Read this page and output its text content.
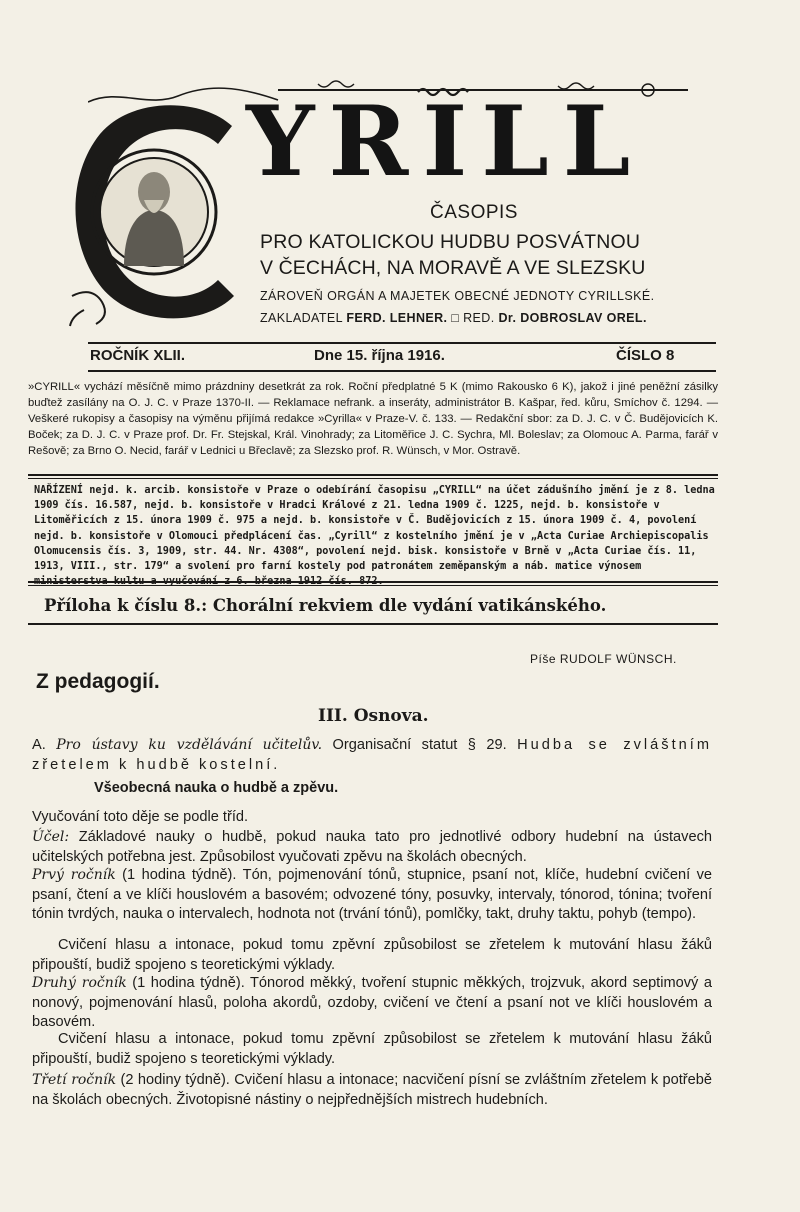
YRILL
ČASOPIS
PRO KATOLICKOU HUDBU POSVÁTNOU
V ČECHÁCH, NA MORAVĚ A VE SLEZSKU
ZÁROVEŇ ORGÁN A MAJETEK OBECNÉ JEDNOTY CYRILLSKÉ.
ZAKLADATEL FERD. LEHNER. □ RED. Dr. DOBROSLAV OREL.
ROČNÍK XLII.	Dne 15. října 1916.	ČÍSLO 8
»CYRILL« vychází měsíčně mimo prázdniny desetkrát za rok. Roční předplatné 5 K (mimo Rakousko 6 K), jakož i jiné peněžní zásilky buďtež zasílány na O. J. C. v Praze 1370-II. — Reklamace nefrank. a inseráty, administrátor B. Kašpar, řed. kůru, Smíchov č. 1294. — Veškeré rukopisy a časopisy na výměnu přijímá redakce »Cyrilla« v Praze-V. č. 133. — Redakční sbor: za D. J. C. v Č. Budějovicích K. Boček; za D. J. C. v Praze prof. Dr. Fr. Stejskal, Král. Vinohrady; za Litoměřice J. C. Sychra, Ml. Boleslav; za Olomouc A. Parma, farář v Rešově; za Brno O. Necid, farář v Lednici u Břeclavě; za Slezsko prof. R. Wünsch, v Mor. Ostravě.
NAŘÍZENÍ nejd. k. arcib. konsistoře v Praze o odebírání časopisu „CYRILL“ na účet zádušního jmění je z 8. ledna 1909 čís. 16.587, nejd. b. konsistoře v Hradci Králové z 21. ledna 1909 č. 1225, nejd. b. konsistoře v Litoměřicích z 15. února 1909 č. 975 a nejd. b. konsistoře v Č. Budějovicích z 15. února 1909 č. 4, povolení nejd. b. konsistoře v Olomouci předplácení čas. „Cyrill“ z kostelního jmění je v „Acta Curiae Archiepiscopalis Olomucensis čís. 3, 1909, str. 44. Nr. 4308“, povolení nejd. bisk. konsistoře v Brně v „Acta Curiae čís. 11, 1913, VIII., str. 179“ a svolení pro farní kostely pod patronátem zeměpanským a náb. matice výnosem
Příloha k číslu 8.: Chorální rekviem dle vydání vatikánského.
Píše RUDOLF WÜNSCH.
Z pedagogií.
III. Osnova.
A. Pro ústavy ku vzdělávání učitelův. Organisační statut § 29. Hudba se zvláštním zřetelem k hudbě kostelní.
Všeobecná nauka o hudbě a zpěvu.
Vyučování toto děje se podle tříd.
Účel: Základové nauky o hudbě, pokud nauka tato pro jednotlivé odbory hudební na ústavech učitelských potřebna jest. Způsobilost vyučovati zpěvu na školách obecných.
Prvý ročník (1 hodina týdně). Tón, pojmenování tónů, stupnice, psaní not, klíče, hudební cvičení ve psaní, čtení a ve klíči houslovém a basovém; odvozené tóny, posuvky, intervaly, tónorod, tónina; tvoření tónin tvrdých, nauka o intervalech, hodnota not (trvání tónů), pomlčky, takt, druhy taktu, pohyb (tempo).
Cvičení hlasu a intonace, pokud tomu zpěvní způsobilost se zřetelem k mutování hlasu žáků připouští, budiž spojeno s teoretickými výklady.
Druhý ročník (1 hodina týdně). Tónorod měkký, tvoření stupnic měkkých, trojzvuk, akord septimový a nonový, pojmenování hlasů, poloha akordů, ozdoby, cvičení ve čtení a psaní not ve klíči houslovém a basovém.
Cvičení hlasu a intonace, pokud tomu zpěvní způsobilost se zřetelem k mutování hlasu žáků připouští, budiž spojeno s teoretickými výklady.
Třetí ročník (2 hodiny týdně). Cvičení hlasu a intonace; nacvičení písní se zvláštním zřetelem k potřebě na školách obecných. Životopisné nástiny o nejpřednějších mistrech hudebních.
